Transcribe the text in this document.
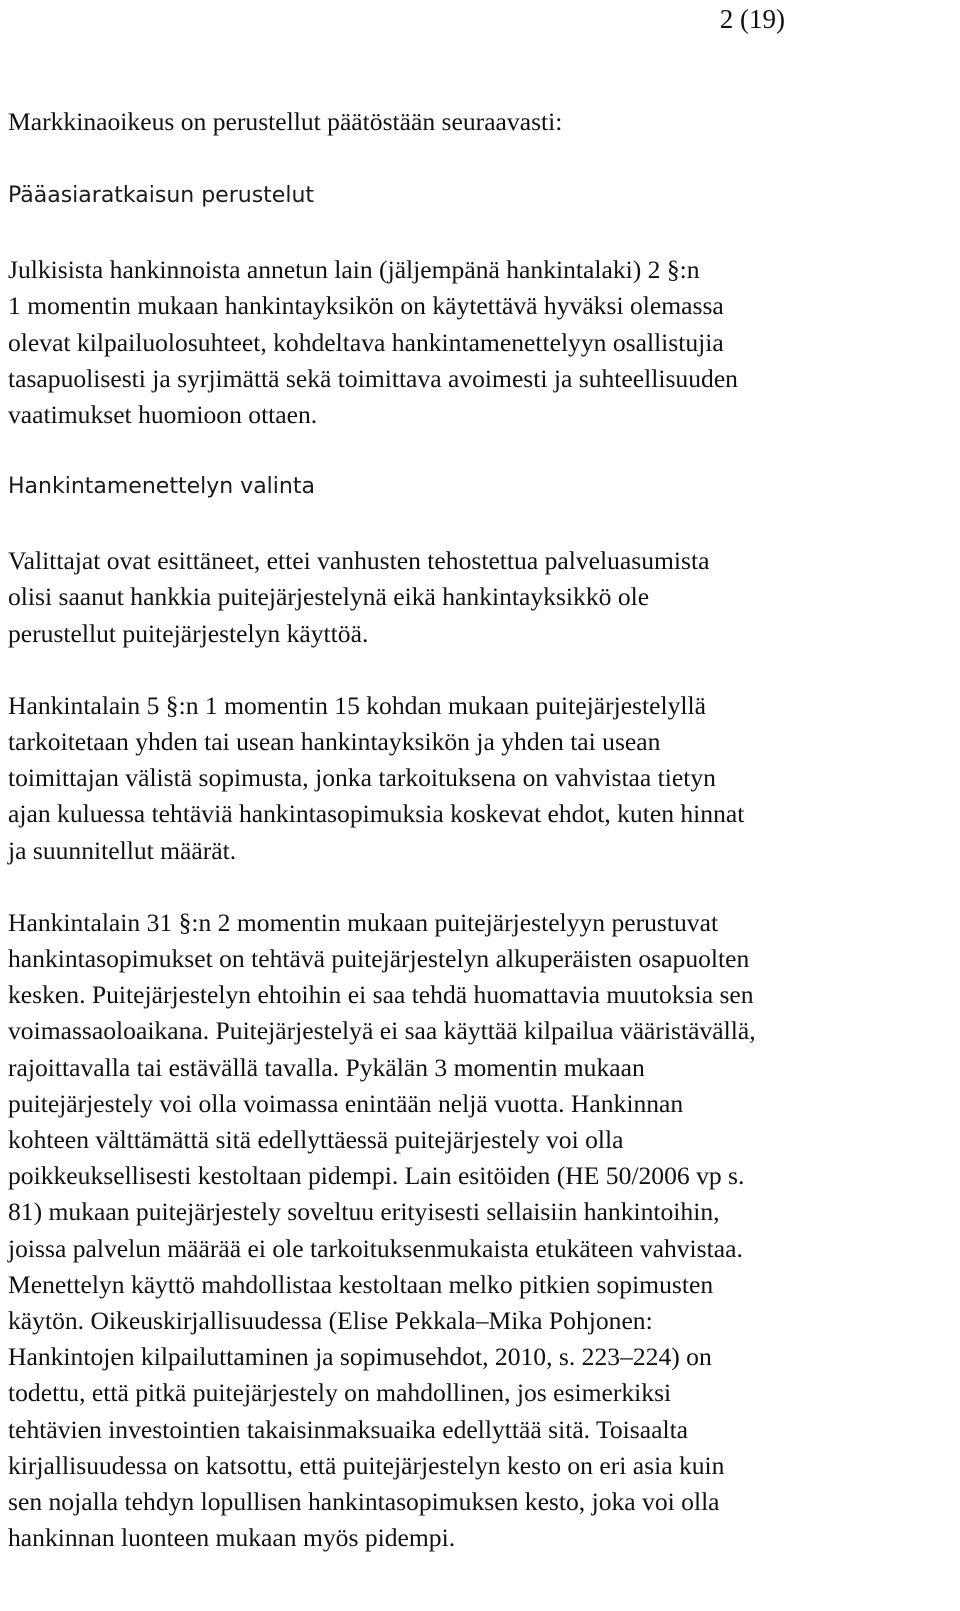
2 (19)

Markkinaoikeus on perustellut päätöstään seuraavasti:

Pääasiaratkaisun perustelut

Julkisista hankinnoista annetun lain (jäljempänä hankintalaki) 2 §:n
1 momentin mukaan hankintayksikön on käytettävä hyväksi olemassa
olevat kilpailuolosuhteet, kohdeltava hankintamenettelyyn osallistujia
tasapuolisesti ja syrjimättä sekä toimittava avoimesti ja suhteellisuuden
vaatimukset huomioon ottaen.

Hankintamenettelyn valinta

Valittajat ovat esittäneet, ettei vanhusten tehostettua palveluasumista
olisi saanut hankkia puitejärjestelynä eikä hankintayksikkö ole
perustellut puitejärjestelyn käyttöä.

Hankintalain 5 §:n 1 momentin 15 kohdan mukaan puitejärjestelyllä
tarkoitetaan yhden tai usean hankintayksikön ja yhden tai usean
toimittajan välistä sopimusta, jonka tarkoituksena on vahvistaa tietyn
ajan kuluessa tehtäviä hankintasopimuksia koskevat ehdot, kuten hinnat
ja suunnitellut määrät.

Hankintalain 31 §:n 2 momentin mukaan puitejärjestelyyn perustuvat
hankintasopimukset on tehtävä puitejärjestelyn alkuperäisten osapuolten
kesken. Puitejärjestelyn ehtoihin ei saa tehdä huomattavia muutoksia sen
voimassaoloaikana. Puitejärjestelyä ei saa käyttää kilpailua vääristävällä,
rajoittavalla tai estävällä tavalla. Pykälän 3 momentin mukaan
puitejärjestely voi olla voimassa enintään neljä vuotta. Hankinnan
kohteen välttämättä sitä edellyttäessä puitejärjestely voi olla
poikkeuksellisesti kestoltaan pidempi. Lain esitöiden (HE 50/2006 vp s.
81) mukaan puitejärjestely soveltuu erityisesti sellaisiin hankintoihin,
joissa palvelun määrää ei ole tarkoituksenmukaista etukäteen vahvistaa.
Menettelyn käyttö mahdollistaa kestoltaan melko pitkien sopimusten
käytön. Oikeuskirjallisuudessa (Elise Pekkala–Mika Pohjonen:
Hankintojen kilpailuttaminen ja sopimusehdot, 2010, s. 223–224) on
todettu, että pitkä puitejärjestely on mahdollinen, jos esimerkiksi
tehtävien investointien takaisinmaksuaika edellyttää sitä. Toisaalta
kirjallisuudessa on katsottu, että puitejärjestelyn kesto on eri asia kuin
sen nojalla tehdyn lopullisen hankintasopimuksen kesto, joka voi olla
hankinnan luonteen mukaan myös pidempi.
